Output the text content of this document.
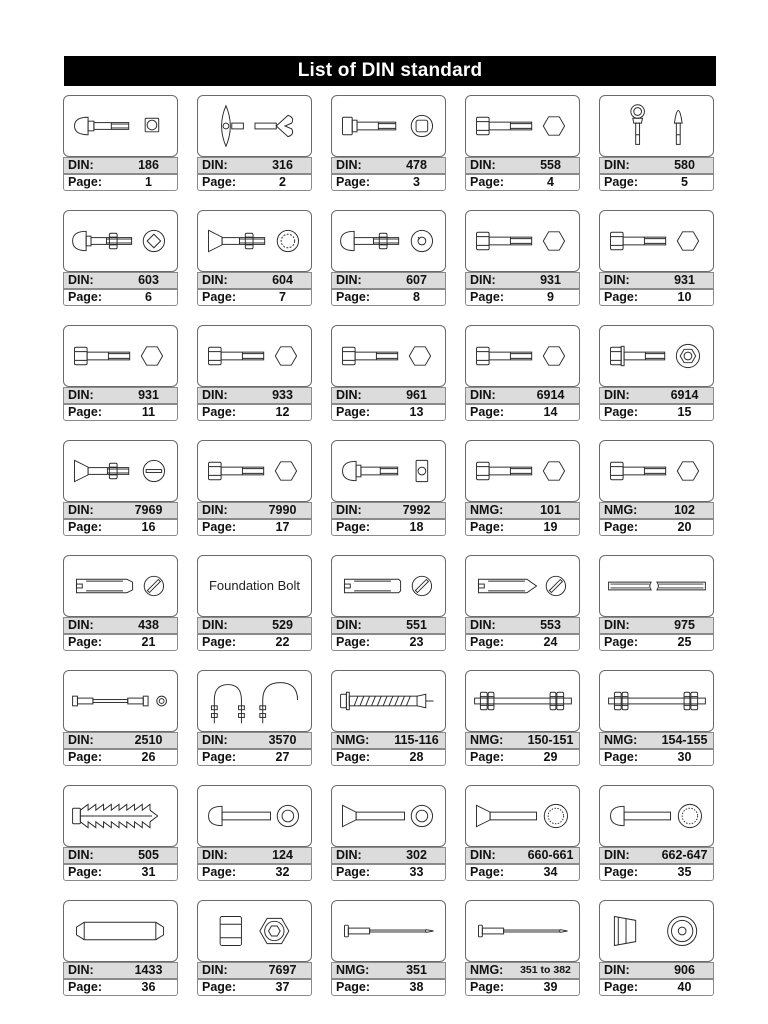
List of DIN standard
DIN:	186
Page:	1
DIN:	316
Page:	2
DIN:	478
Page:	3
DIN:	558
Page:	4
DIN:	580
Page:	5
DIN:	603
Page:	6
DIN:	604
Page:	7
DIN:	607
Page:	8
DIN:	931
Page:	9
DIN:	931
Page:	10
DIN:	931
Page:	11
DIN:	933
Page:	12
DIN:	961
Page:	13
DIN:	6914
Page:	14
DIN:	6914
Page:	15
DIN:	7969
Page:	16
DIN:	7990
Page:	17
DIN:	7992
Page:	18
NMG:	101
Page:	19
NMG:	102
Page:	20
DIN:	438
Page:	21
Foundation Bolt
DIN:	529
Page:	22
DIN:	551
Page:	23
DIN:	553
Page:	24
DIN:	975
Page:	25
DIN:	2510
Page:	26
DIN:	3570
Page:	27
NMG: 115-116
Page:	28
NMG: 150-151
Page:	29
NMG: 154-155
Page:	30
DIN:	505
Page:	31
DIN:	124
Page:	32
DIN:	302
Page:	33
DIN:	660-661
Page:	34
DIN:	662-647
Page:	35
DIN:	1433
Page:	36
DIN:	7697
Page:	37
NMG:	351
Page:	38
NMG:	351 to 382
Page:	39
DIN:	906
Page:	40
